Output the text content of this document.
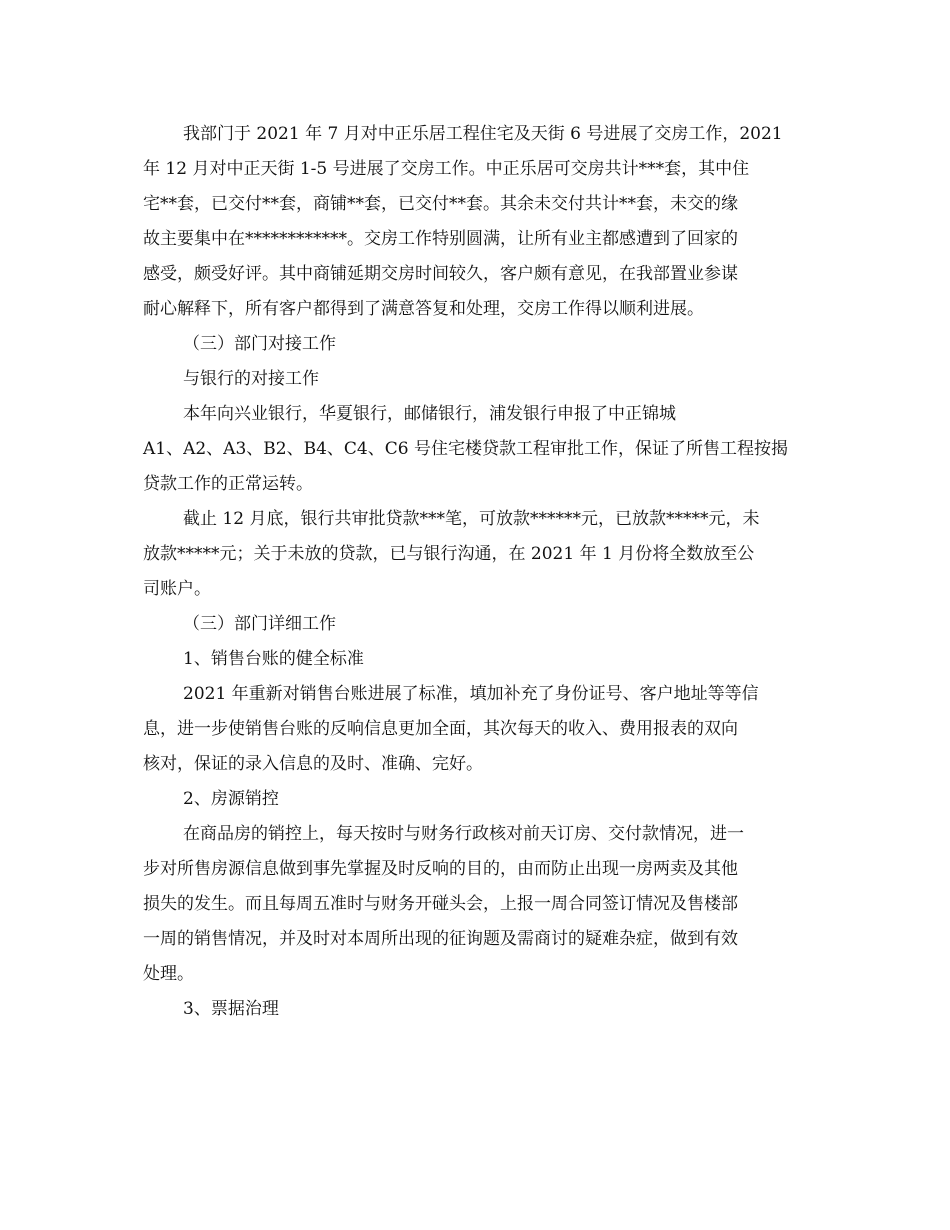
我部门于 2021 年 7 月对中正乐居工程住宅及天街 6 号进展了交房工作，2021
年 12 月对中正天街 1-5 号进展了交房工作。中正乐居可交房共计***套，其中住
宅**套，已交付**套，商铺**套，已交付**套。其余未交付共计**套，未交的缘
故主要集中在************。交房工作特别圆满，让所有业主都感遭到了回家的
感受，颇受好评。其中商铺延期交房时间较久，客户颇有意见，在我部置业参谋
耐心解释下，所有客户都得到了满意答复和处理，交房工作得以顺利进展。
（三）部门对接工作
与银行的对接工作
本年向兴业银行，华夏银行，邮储银行，浦发银行申报了中正锦城
A1、A2、A3、B2、B4、C4、C6 号住宅楼贷款工程审批工作，保证了所售工程按揭
贷款工作的正常运转。
截止 12 月底，银行共审批贷款***笔，可放款******元，已放款*****元，未
放款*****元；关于未放的贷款，已与银行沟通，在 2021 年 1 月份将全数放至公
司账户。
（三）部门详细工作
1、销售台账的健全标准
2021 年重新对销售台账进展了标准，填加补充了身份证号、客户地址等等信
息，进一步使销售台账的反响信息更加全面，其次每天的收入、费用报表的双向
核对，保证的录入信息的及时、准确、完好。
2、房源销控
在商品房的销控上，每天按时与财务行政核对前天订房、交付款情况，进一
步对所售房源信息做到事先掌握及时反响的目的，由而防止出现一房两卖及其他
损失的发生。而且每周五准时与财务开碰头会，上报一周合同签订情况及售楼部
一周的销售情况，并及时对本周所出现的征询题及需商讨的疑难杂症，做到有效
处理。
3、票据治理
